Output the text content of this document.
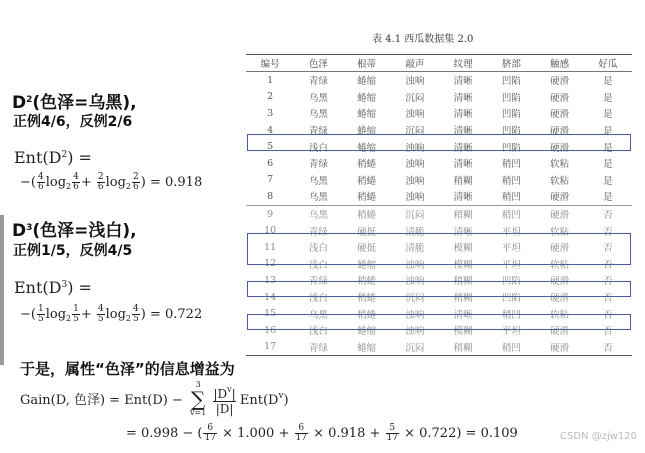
表 4.1 西瓜数据集 2.0
编号	色泽	根蒂	敲声	纹理	脐部	触感	好瓜
1	青绿	蜷缩	浊响	清晰	凹陷	硬滑	是
2	乌黑	蜷缩	沉闷	清晰	凹陷	硬滑	是
3	乌黑	蜷缩	浊响	清晰	凹陷	硬滑	是
4	青绿	蜷缩	沉闷	清晰	凹陷	硬滑	是
5	浅白	蜷缩	浊响	清晰	凹陷	硬滑	是
6	青绿	稍蜷	浊响	清晰	稍凹	软粘	是
7	乌黑	稍蜷	浊响	稍糊	稍凹	软粘	是
8	乌黑	稍蜷	浊响	清晰	稍凹	硬滑	是
9	乌黑	稍蜷	沉闷	稍糊	稍凹	硬滑	否
10	青绿	硬挺	清脆	清晰	平坦	软粘	否
11	浅白	硬挺	清脆	模糊	平坦	硬滑	否
12	浅白	蜷缩	浊响	模糊	平坦	软粘	否
13	青绿	稍蜷	浊响	稍糊	凹陷	硬滑	否
14	浅白	稍蜷	沉闷	稍糊	凹陷	硬滑	否
15	乌黑	稍蜷	浊响	清晰	稍凹	软粘	否
16	浅白	蜷缩	浊响	模糊	平坦	硬滑	否
17	青绿	蜷缩	沉闷	稍糊	稍凹	硬滑	否
$D^2$(色泽=乌黑),
正例4/6，反例2/6
$Ent(D^2)$ =
−( $\frac{4}{6} \log_2 \frac{4}{6} + \frac{2}{6} \log_2 \frac{2}{6}$ ) = 0.918
$D^3$(色泽=浅白),
正例1/5，反例4/5
$Ent(D^3)$ =
−( $\frac{1}{5} \log_2 \frac{1}{5} + \frac{4}{5} \log_2 \frac{4}{5}$ ) = 0.722
于是，属性“色泽”的信息增益为
Gain(D, 色泽) = Ent(D) −
3
∑
v=1
$\frac{|D^v|}{|D|} Ent(D^v)$
= 0.998 − ( $\frac{6}{17} \times 1.000 + \frac{6}{17} \times 0.918 + \frac{5}{17} \times 0.722) = 0.109$	CSDN @zjw120
